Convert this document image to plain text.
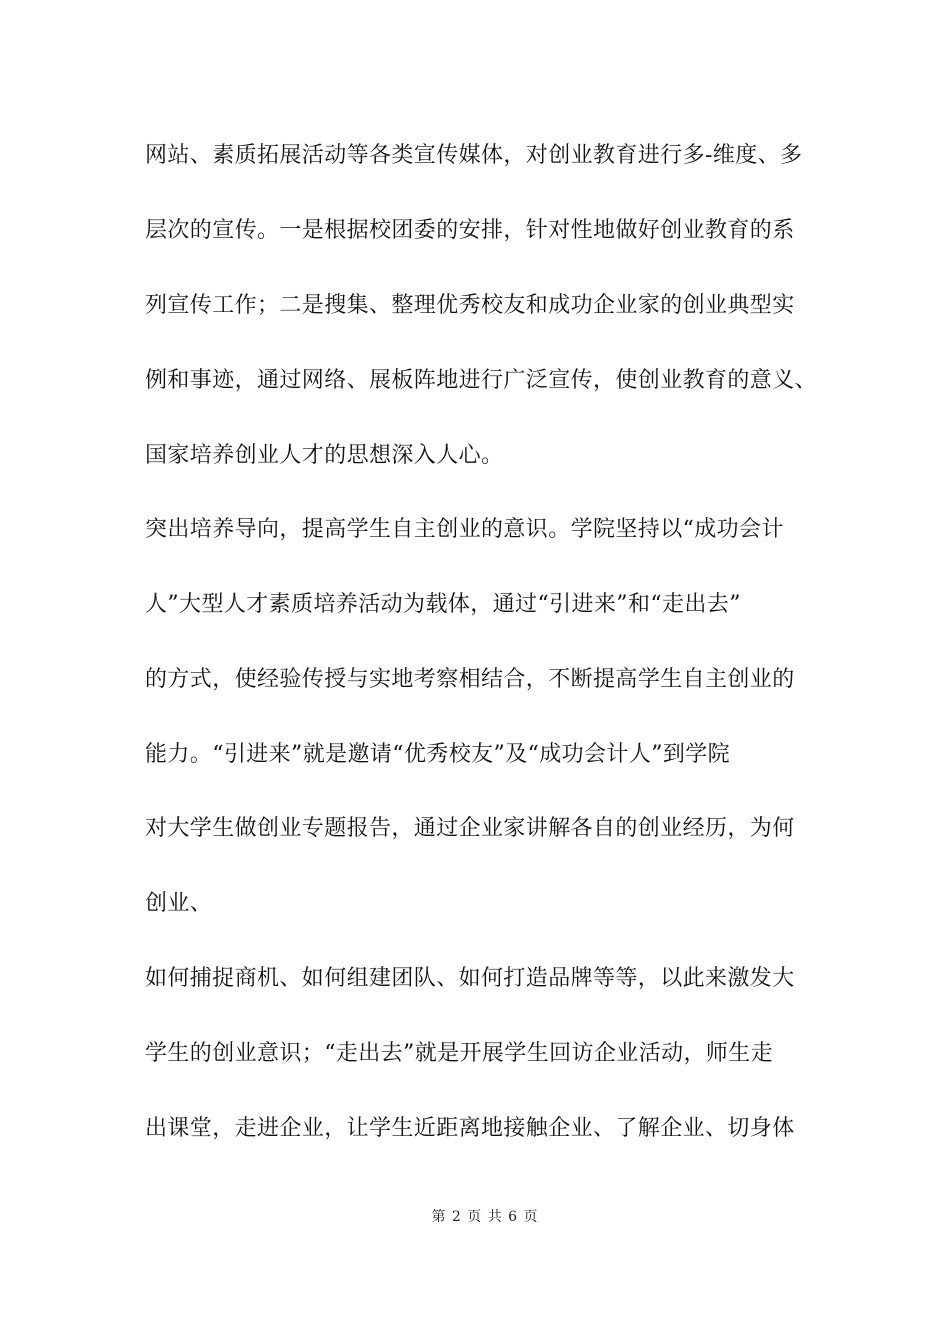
网站、素质拓展活动等各类宣传媒体，对创业教育进行多-维度、多
层次的宣传。一是根据校团委的安排，针对性地做好创业教育的系
列宣传工作；二是搜集、整理优秀校友和成功企业家的创业典型实
例和事迹，通过网络、展板阵地进行广泛宣传，使创业教育的意义、
国家培养创业人才的思想深入人心。
突出培养导向，提高学生自主创业的意识。学院坚持以“成功会计
人”大型人才素质培养活动为载体，通过“引进来”和“走出去”
的方式，使经验传授与实地考察相结合，不断提高学生自主创业的
能力。“引进来”就是邀请“优秀校友”及“成功会计人”到学院
对大学生做创业专题报告，通过企业家讲解各自的创业经历，为何
创业、
如何捕捉商机、如何组建团队、如何打造品牌等等，以此来激发大
学生的创业意识；“走出去”就是开展学生回访企业活动，师生走
出课堂，走进企业，让学生近距离地接触企业、了解企业、切身体
第 2 页 共 6 页
